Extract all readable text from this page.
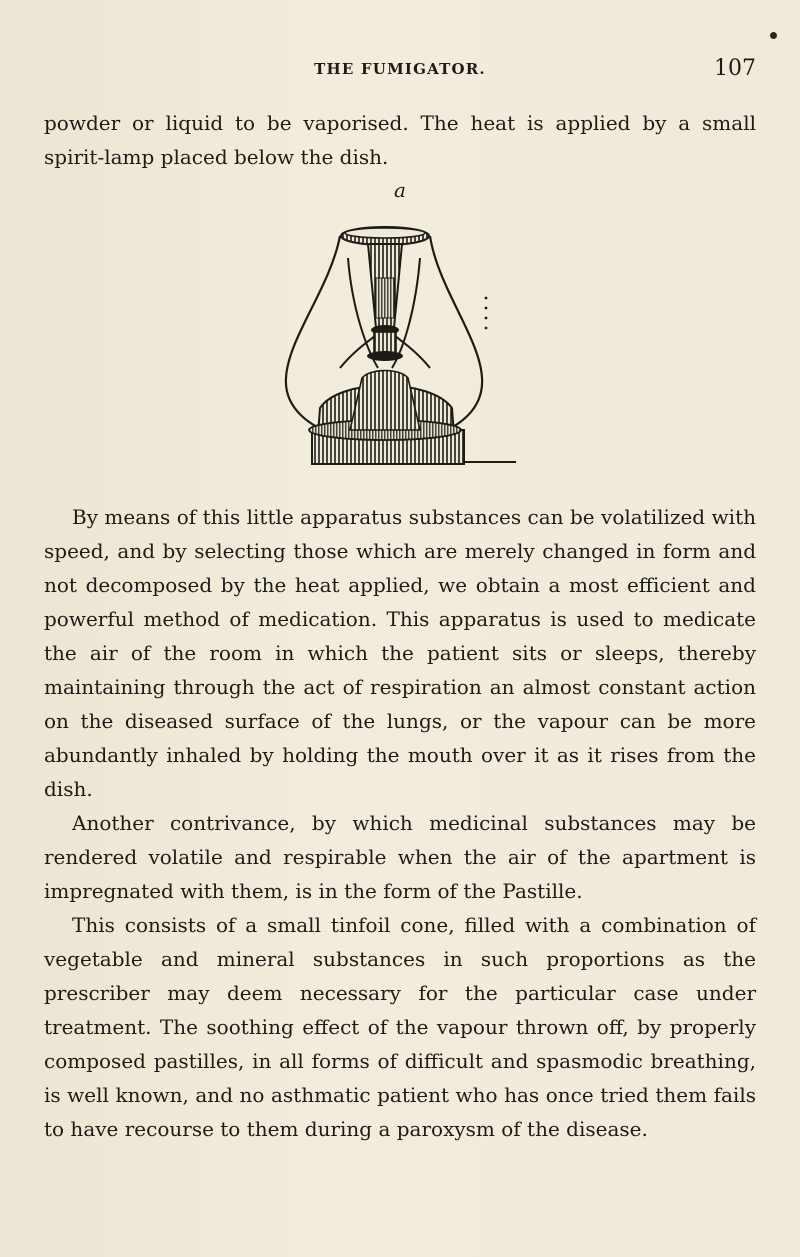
THE FUMIGATOR.	107

powder or liquid to be vaporised. The heat is applied by a small spirit-lamp placed below the dish.

a

By means of this little apparatus substances can be volatilized with speed, and by selecting those which are merely changed in form and not decomposed by the heat applied, we obtain a most efficient and powerful method of medication. This apparatus is used to medicate the air of the room in which the patient sits or sleeps, thereby maintaining through the act of respiration an almost constant action on the diseased surface of the lungs, or the vapour can be more abundantly inhaled by holding the mouth over it as it rises from the dish.

Another contrivance, by which medicinal substances may be rendered volatile and respirable when the air of the apartment is impregnated with them, is in the form of the Pastille.

This consists of a small tinfoil cone, filled with a combination of vegetable and mineral substances in such proportions as the prescriber may deem necessary for the particular case under treatment. The soothing effect of the vapour thrown off, by properly composed pastilles, in all forms of difficult and spasmodic breathing, is well known, and no asthmatic patient who has once tried them fails to have recourse to them during a paroxysm of the disease.
